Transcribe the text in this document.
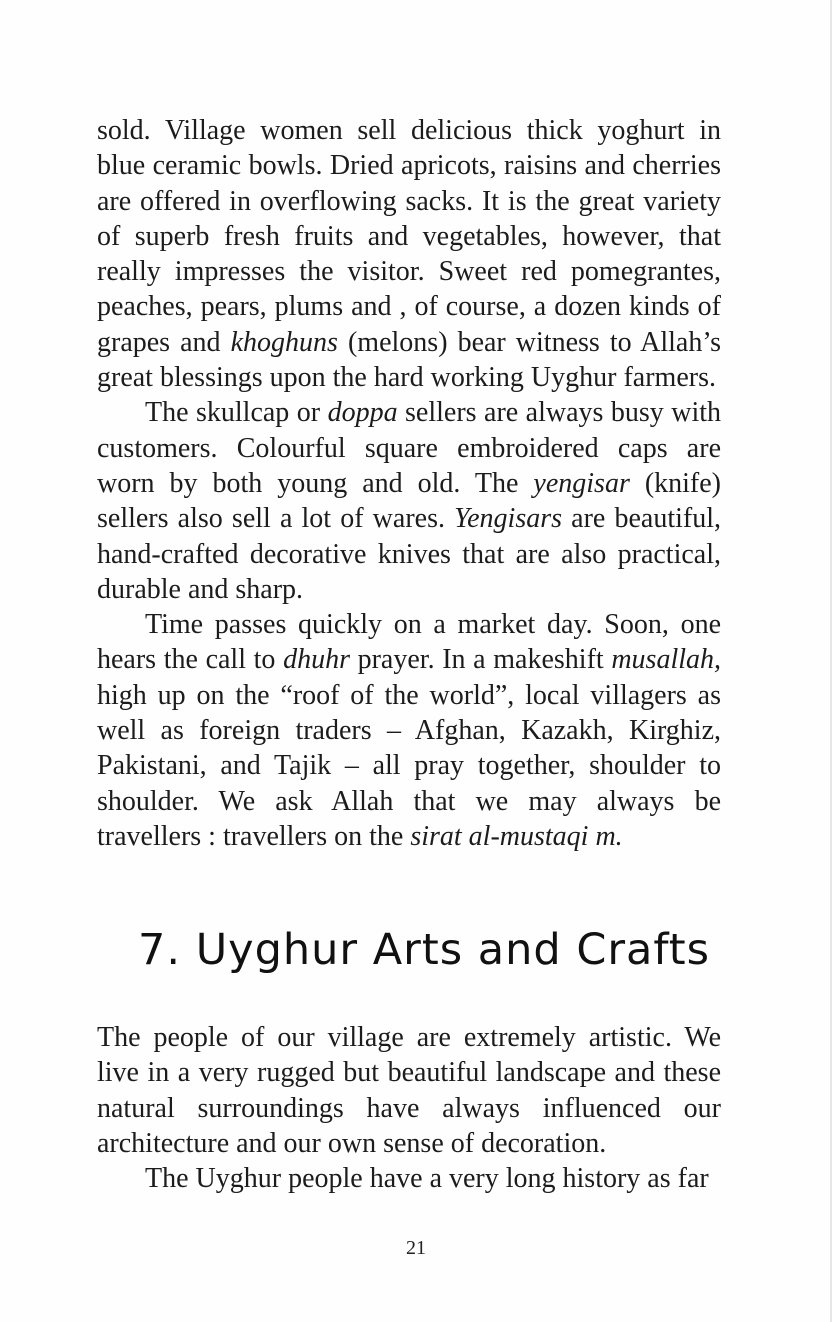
sold. Village women sell delicious thick yoghurt in blue ceramic bowls. Dried apricots, raisins and cherries are offered in overflowing sacks. It is the great variety of superb fresh fruits and vegetables, however, that really impresses the visitor. Sweet red pomegrantes, peaches, pears, plums and , of course, a dozen kinds of grapes and khoghuns (melons) bear witness to Allah’s great blessings upon the hard working Uyghur farmers.

The skullcap or doppa sellers are always busy with customers. Colourful square embroidered caps are worn by both young and old. The yengisar (knife) sellers also sell a lot of wares. Yengisars are beautiful, hand-crafted decorative knives that are also practical, durable and sharp.

Time passes quickly on a market day. Soon, one hears the call to dhuhr prayer. In a makeshift musallah, high up on the “roof of the world”, local villagers as well as foreign traders – Afghan, Kazakh, Kirghiz, Pakistani, and Tajik – all pray together, shoulder to shoulder. We ask Allah that we may always be travellers : travellers on the sirat al-mustaqi m.

7. Uyghur Arts and Crafts

The people of our village are extremely artistic. We live in a very rugged but beautiful landscape and these natural surroundings have always influenced our architecture and our own sense of decoration.

The Uyghur people have a very long history as far

21
